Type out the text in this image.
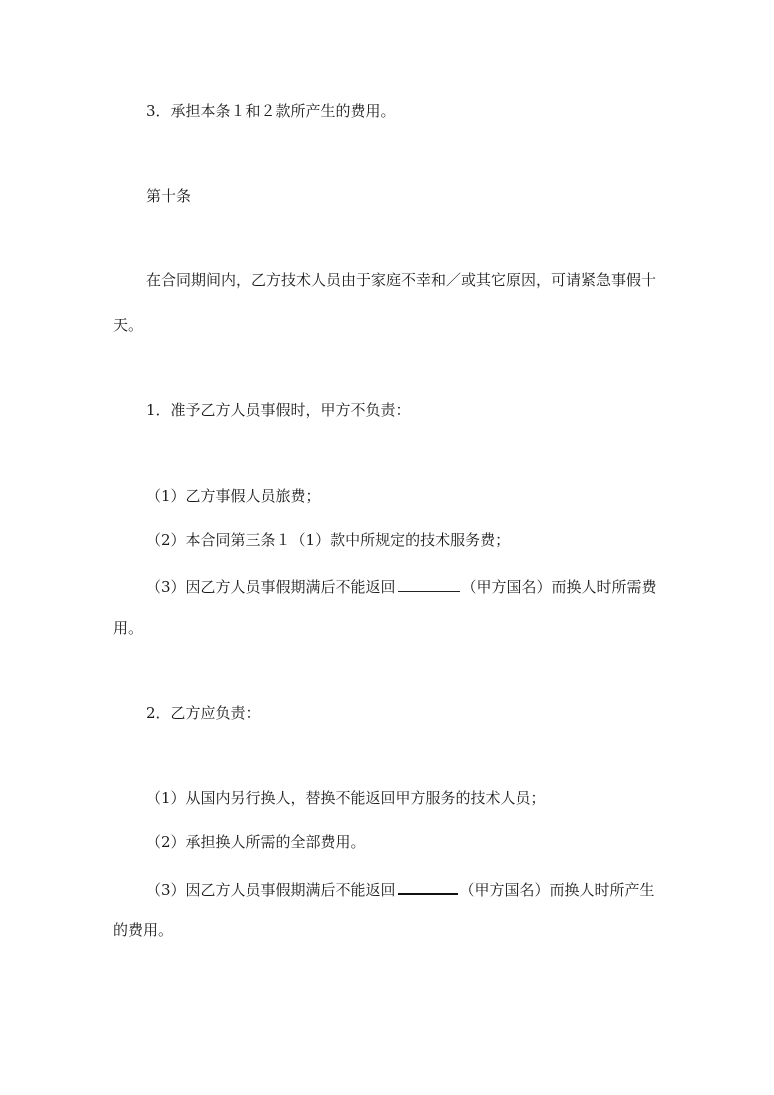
3．承担本条１和２款所产生的费用。

第十条

在合同期间内，乙方技术人员由于家庭不幸和／或其它原因，可请紧急事假十

天。

1．准予乙方人员事假时，甲方不负责：

（1）乙方事假人员旅费；

（2）本合同第三条１（1）款中所规定的技术服务费；

（3）因乙方人员事假期满后不能返回	（甲方国名）而换人时所需费

用。

2．乙方应负责：

（1）从国内另行换人，替换不能返回甲方服务的技术人员；

（2）承担换人所需的全部费用。

（3）因乙方人员事假期满后不能返回	（甲方国名）而换人时所产生

的费用。
